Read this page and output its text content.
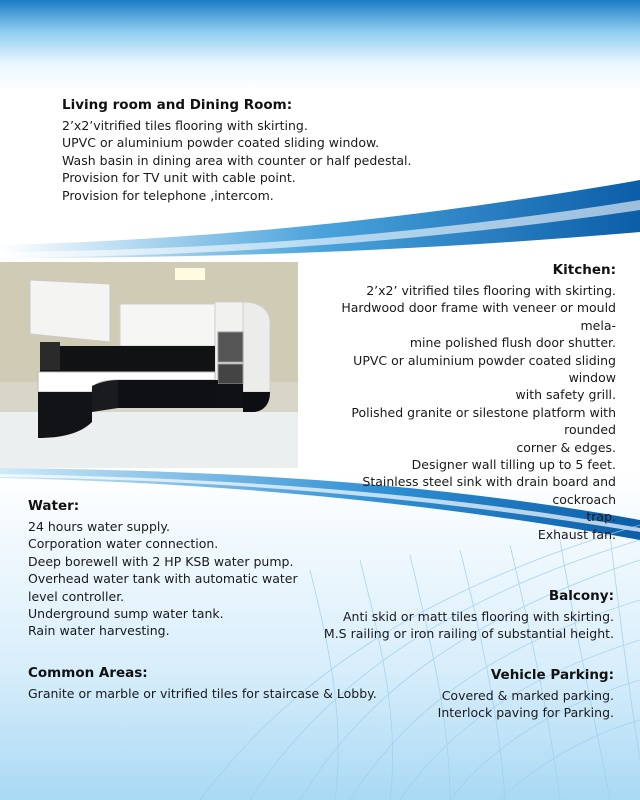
Living room and Dining Room:
2’x2’vitrified tiles flooring with skirting.
UPVC or aluminium powder coated sliding window.
Wash basin in dining area with counter or half pedestal.
Provision for TV unit with cable point.
Provision for telephone ,intercom.
Kitchen:
2’x2’ vitrified tiles flooring with skirting.
Hardwood door frame with veneer or mould mela-
mine polished flush door shutter.
UPVC or aluminium powder coated sliding window
with safety grill.
Polished granite or silestone platform with rounded
corner & edges.
Designer wall tilling up to 5 feet.
Stainless steel sink with drain board and cockroach
trap.
Exhaust fan.
Water:
24 hours water supply.
Corporation water connection.
Deep borewell with 2 HP KSB water pump.
Overhead water tank with automatic water
level controller.
Underground sump water tank.
Rain water harvesting.
Balcony:
Anti skid or matt tiles flooring with skirting.
M.S railing or iron railing of substantial height.
Common Areas:
Granite or marble or vitrified tiles for staircase & Lobby.
Vehicle Parking:
Covered & marked parking.
Interlock paving for Parking.
